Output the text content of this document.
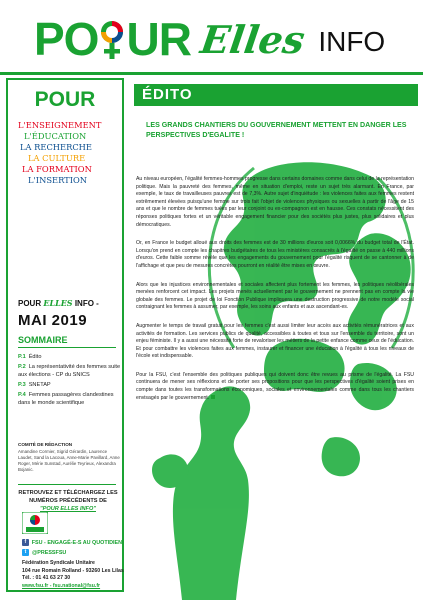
PO UR Elles INFO
POUR
L'ENSEIGNEMENT
L'ÉDUCATION
LA RECHERCHE
LA CULTURE
LA FORMATION
L'INSERTION
POUR ELLES INFO -
MAI 2019
SOMMAIRE
P.1 Édito
P.2 La représentativité des femmes suite aux élections - CP du SNICS
P.3 SNETAP
P.4 Femmes passagères clandestines dans le monde scientifique
COMITÉ DE RÉDACTION
Amandine Cormier, Sigrid Gérardin, Laurence Laudet, Sand la Lacoua, Anne-Marie Pavillard, Anne Roger, Mérie Sunstad, Aurélie Teyrieux, Alexandra Bojanic.
RETROUVEZ ET TÉLÉCHARGEZ LES NUMÉROS PRÉCÉDENTS DE
"POUR ELLES INFO"
f	FSU - ENGAGÉ-E-S AU QUOTIDIEN
t	@PRESSFSU
Fédération Syndicale Unitaire
104 rue Romain Rolland - 93260 Les Lilas
Tél. : 01 41 63 27 30
www.fsu.fr - fsu.national@fsu.fr
ÉDITO
LES GRANDS CHANTIERS DU GOUVERNEMENT METTENT EN DANGER LES PERSPECTIVES D'EGALITE !

Au niveau européen, l'égalité femmes-hommes progresse dans certains domaines comme dans celui de la représentation politique. Mais la pauvreté des femmes, même en situation d'emploi, reste un sujet très alarmant. En France, par exemple, le taux de travailleuses pauvres est de 7,3%. Autre sujet d'inquiétude : les violences faites aux femmes restent extrêmement élevées puisqu'une femme sur trois fait l'objet de violences physiques ou sexuelles à partir de l'âge de 15 ans et que le nombre de femmes tuées par leur conjoint ou ex-compagnon est en hausse. Ces constats nécessitent des réponses politiques fortes et un véritable engagement financier pour des sociétés plus justes, plus solidaires et plus démocratiques.

Or, en France le budget alloué aux droits des femmes est de 30 millions d'euros soit 0,0066% du budget total de l'État. Lorsqu'on prend en compte les chapitres budgétaires de tous les ministères consacrés à l'égalité on passe à 440 millions d'euros. Cette faible somme révèle que les engagements du gouvernement pour l'égalité risquent de se cantonner à de l'affichage et que peu de mesures concrètes pourront en réalité être mises en œuvre.

Alors que les injustices environnementales et sociales affectent plus fortement les femmes, les politiques néolibérales menées renforcent cet impact. Les projets menés actuellement par le gouvernement ne prennent pas en compte la vie globale des femmes. Le projet de loi Fonction Publique impliquera une destruction progressive de notre modèle social contraignant les femmes à assumer, par exemple, les soins aux enfants et aux ascendant-es.

Augmenter le temps de travail gratuit pour les femmes c'est aussi limiter leur accès aux activités rémunératrices et aux activités de formation. Les services publics de qualité, accessibles à toutes et tous sur l'ensemble du territoire, sont un enjeu féministe. Il y a aussi une nécessité forte de revaloriser les métiers de la petite enfance comme ceux de l'éducation. Et pour combattre les violences faites aux femmes, instaurer et financer une éducation à l'égalité à tous les niveaux de l'école est indispensable.

Pour la FSU, c'est l'ensemble des politiques publiques qui doivent donc être revues au prisme de l'égalité. La FSU continuera de mener ses réflexions et de porter ses propositions pour que les perspectives d'égalité soient prises en compte dans toutes les transformations économiques, sociales et environnementales comme dans tous les chantiers envisagés par le gouvernement.
